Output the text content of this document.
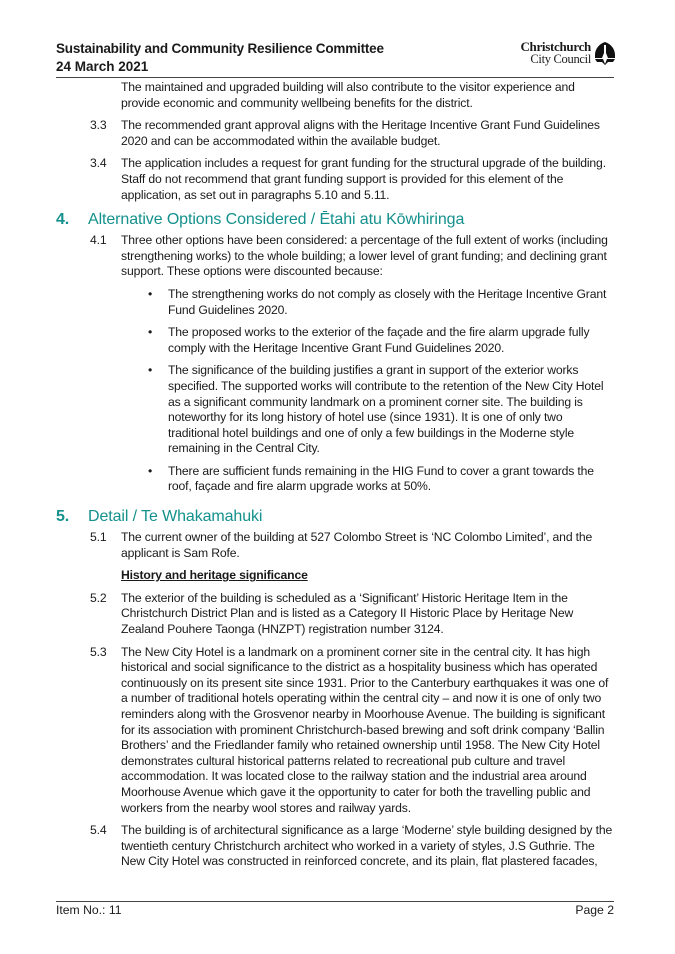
Sustainability and Community Resilience Committee
24 March 2021
Christchurch
City Council
The maintained and upgraded building will also contribute to the visitor experience and provide economic and community wellbeing benefits for the district.
3.3 The recommended grant approval aligns with the Heritage Incentive Grant Fund Guidelines 2020 and can be accommodated within the available budget.
3.4 The application includes a request for grant funding for the structural upgrade of the building. Staff do not recommend that grant funding support is provided for this element of the application, as set out in paragraphs 5.10 and 5.11.
4. Alternative Options Considered / Ētahi atu Kōwhiringa
4.1 Three other options have been considered: a percentage of the full extent of works (including strengthening works) to the whole building; a lower level of grant funding; and declining grant support. These options were discounted because:
• The strengthening works do not comply as closely with the Heritage Incentive Grant Fund Guidelines 2020.
• The proposed works to the exterior of the façade and the fire alarm upgrade fully comply with the Heritage Incentive Grant Fund Guidelines 2020.
• The significance of the building justifies a grant in support of the exterior works specified. The supported works will contribute to the retention of the New City Hotel as a significant community landmark on a prominent corner site. The building is noteworthy for its long history of hotel use (since 1931). It is one of only two traditional hotel buildings and one of only a few buildings in the Moderne style remaining in the Central City.
• There are sufficient funds remaining in the HIG Fund to cover a grant towards the roof, façade and fire alarm upgrade works at 50%.
5. Detail / Te Whakamahuki
5.1 The current owner of the building at 527 Colombo Street is ‘NC Colombo Limited’, and the applicant is Sam Rofe.
History and heritage significance
5.2 The exterior of the building is scheduled as a ‘Significant’ Historic Heritage Item in the Christchurch District Plan and is listed as a Category II Historic Place by Heritage New Zealand Pouhere Taonga (HNZPT) registration number 3124.
5.3 The New City Hotel is a landmark on a prominent corner site in the central city. It has high historical and social significance to the district as a hospitality business which has operated continuously on its present site since 1931. Prior to the Canterbury earthquakes it was one of a number of traditional hotels operating within the central city – and now it is one of only two reminders along with the Grosvenor nearby in Moorhouse Avenue. The building is significant for its association with prominent Christchurch-based brewing and soft drink company ‘Ballin Brothers’ and the Friedlander family who retained ownership until 1958. The New City Hotel demonstrates cultural historical patterns related to recreational pub culture and travel accommodation. It was located close to the railway station and the industrial area around Moorhouse Avenue which gave it the opportunity to cater for both the travelling public and workers from the nearby wool stores and railway yards.
5.4 The building is of architectural significance as a large ‘Moderne’ style building designed by the twentieth century Christchurch architect who worked in a variety of styles, J.S Guthrie. The New City Hotel was constructed in reinforced concrete, and its plain, flat plastered facades,
Item No.: 11	Page 2
